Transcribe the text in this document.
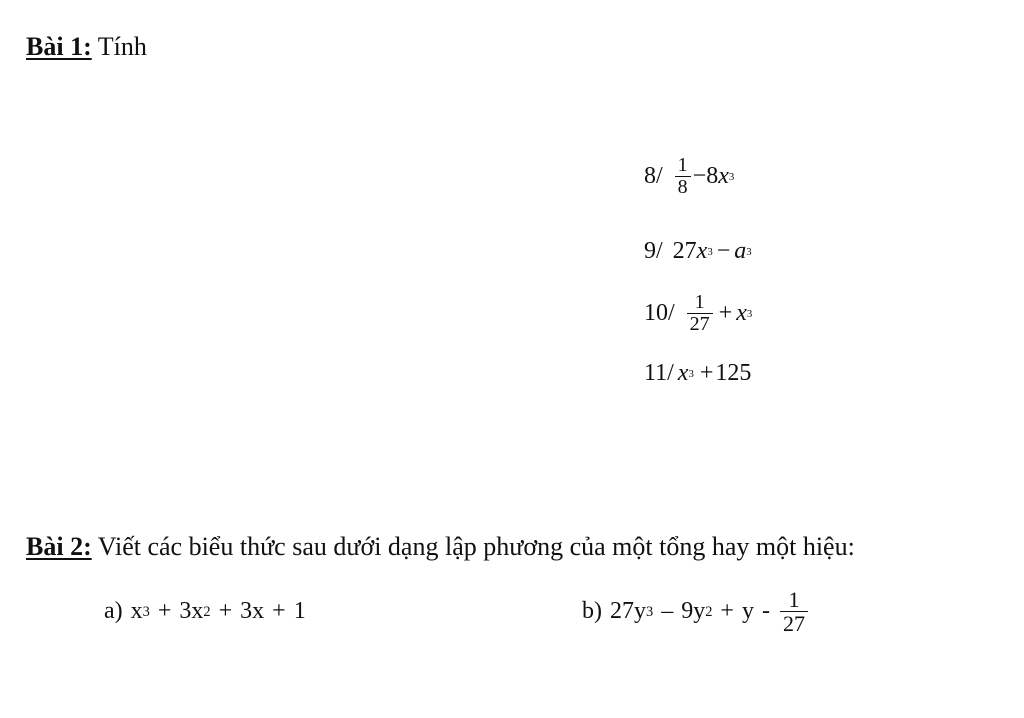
Bài 1: Tính
$8/ \frac{1}{8} - 8$ x 3
9/ 27 x 3 − a 3
$10/ \frac{1}{27} + x$ 3
11/ x 3 + 125
Bài 2: Viết các biểu thức sau dưới dạng lập phương của một tổng hay một hiệu:
a) x 3 + 3x 2 + 3x + 1	b) 27y 3 – 9y $2 + y - \frac{1}{27}$
